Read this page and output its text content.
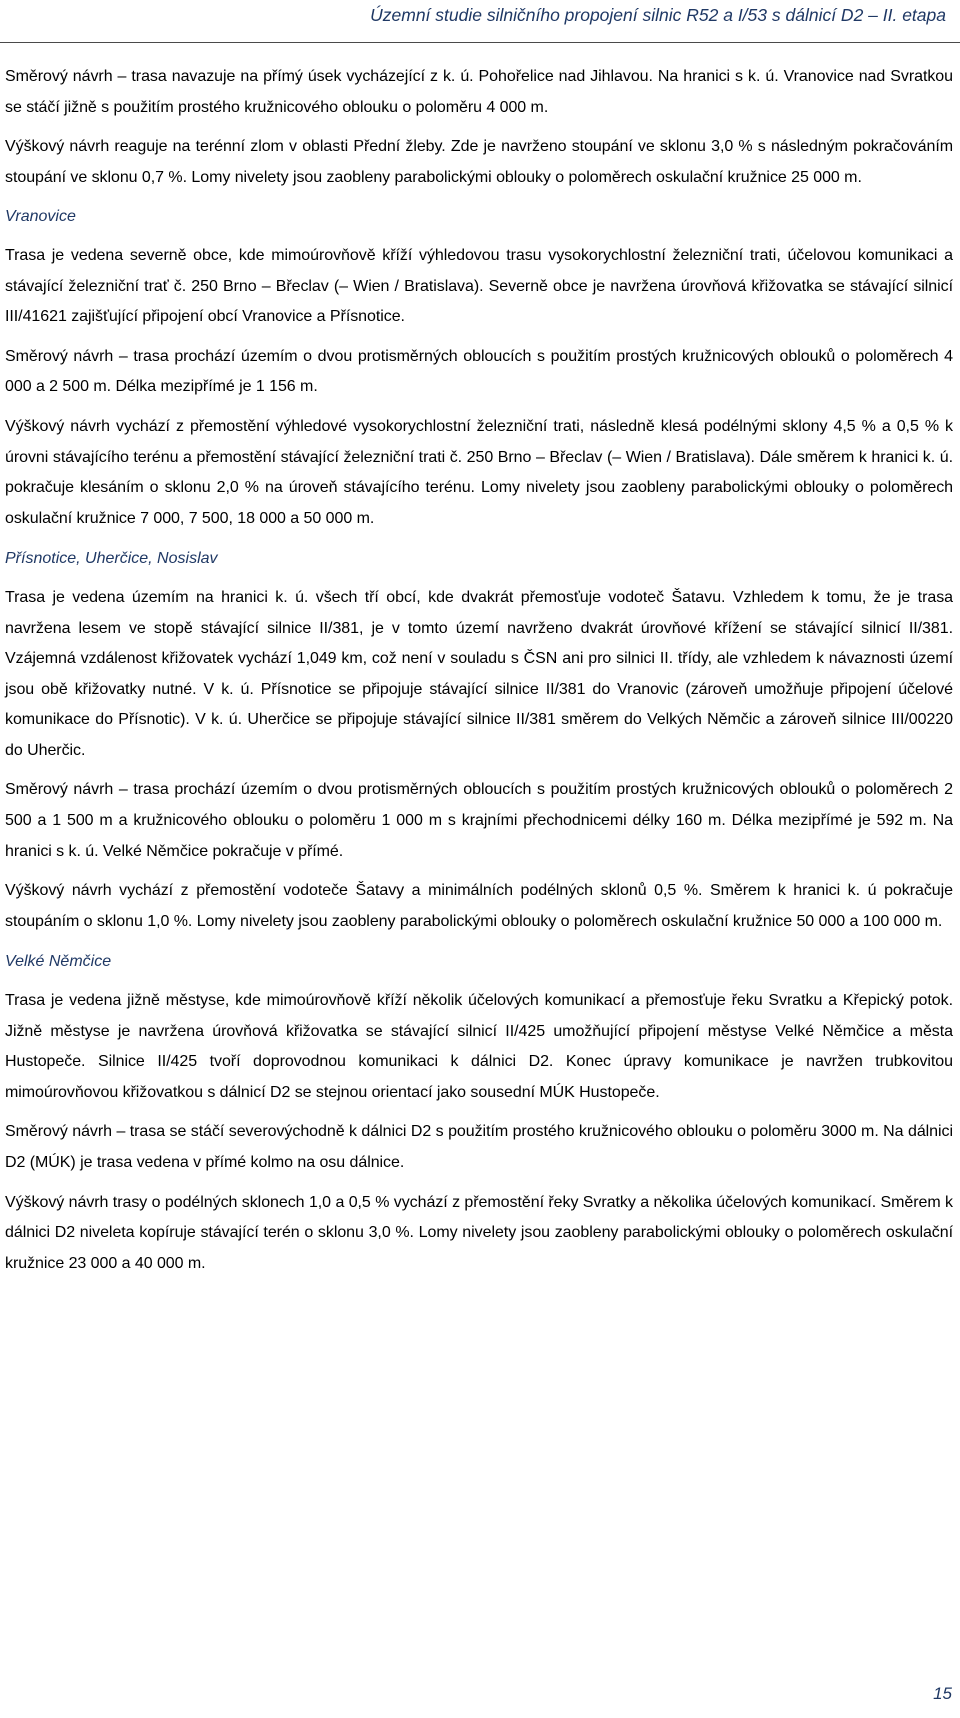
Územní studie silničního propojení silnic R52 a I/53 s dálnicí D2 – II. etapa

Směrový návrh – trasa navazuje na přímý úsek vycházející z k. ú. Pohořelice nad Jihlavou. Na hranici s k. ú. Vranovice nad Svratkou se stáčí jižně s použitím prostého kružnicového oblouku o poloměru 4 000 m.

Výškový návrh reaguje na terénní zlom v oblasti Přední žleby. Zde je navrženo stoupání ve sklonu 3,0 % s následným pokračováním stoupání ve sklonu 0,7 %. Lomy nivelety jsou zaobleny parabolickými oblouky o poloměrech oskulační kružnice 25 000 m.

Vranovice

Trasa je vedena severně obce, kde mimoúrovňově kříží výhledovou trasu vysokorychlostní železniční trati, účelovou komunikaci a stávající železniční trať č. 250 Brno – Břeclav (– Wien / Bratislava). Severně obce je navržena úrovňová křižovatka se stávající silnicí III/41621 zajišťující připojení obcí Vranovice a Přísnotice.

Směrový návrh – trasa prochází územím o dvou protisměrných obloucích s použitím prostých kružnicových oblouků o poloměrech 4 000 a 2 500 m. Délka mezipřímé je 1 156 m.

Výškový návrh vychází z přemostění výhledové vysokorychlostní železniční trati, následně klesá podélnými sklony 4,5 % a 0,5 % k úrovni stávajícího terénu a přemostění stávající železniční trati č. 250 Brno – Břeclav (– Wien / Bratislava). Dále směrem k hranici k. ú. pokračuje klesáním o sklonu 2,0 % na úroveň stávajícího terénu. Lomy nivelety jsou zaobleny parabolickými oblouky o poloměrech oskulační kružnice 7 000, 7 500, 18 000 a 50 000 m.

Přísnotice, Uherčice, Nosislav

Trasa je vedena územím na hranici k. ú. všech tří obcí, kde dvakrát přemosťuje vodoteč Šatavu. Vzhledem k tomu, že je trasa navržena lesem ve stopě stávající silnice II/381, je v tomto území navrženo dvakrát úrovňové křížení se stávající silnicí II/381. Vzájemná vzdálenost křižovatek vychází 1,049 km, což není v souladu s ČSN ani pro silnici II. třídy, ale vzhledem k návaznosti území jsou obě křižovatky nutné. V k. ú. Přísnotice se připojuje stávající silnice II/381 do Vranovic (zároveň umožňuje připojení účelové komunikace do Přísnotic). V k. ú. Uherčice se připojuje stávající silnice II/381 směrem do Velkých Němčic a zároveň silnice III/00220 do Uherčic.

Směrový návrh – trasa prochází územím o dvou protisměrných obloucích s použitím prostých kružnicových oblouků o poloměrech 2 500 a 1 500 m a kružnicového oblouku o poloměru 1 000 m s krajními přechodnicemi délky 160 m. Délka mezipřímé je 592 m. Na hranici s k. ú. Velké Němčice pokračuje v přímé.

Výškový návrh vychází z přemostění vodoteče Šatavy a minimálních podélných sklonů 0,5 %. Směrem k hranici k. ú pokračuje stoupáním o sklonu 1,0 %. Lomy nivelety jsou zaobleny parabolickými oblouky o poloměrech oskulační kružnice 50 000 a 100 000 m.

Velké Němčice

Trasa je vedena jižně městyse, kde mimoúrovňově kříží několik účelových komunikací a přemosťuje řeku Svratku a Křepický potok. Jižně městyse je navržena úrovňová křižovatka se stávající silnicí II/425 umožňující připojení městyse Velké Němčice a města Hustopeče. Silnice II/425 tvoří doprovodnou komunikaci k dálnici D2. Konec úpravy komunikace je navržen trubkovitou mimoúrovňovou křižovatkou s dálnicí D2 se stejnou orientací jako sousední MÚK Hustopeče.

Směrový návrh – trasa se stáčí severovýchodně k dálnici D2 s použitím prostého kružnicového oblouku o poloměru 3000 m. Na dálnici D2 (MÚK) je trasa vedena v přímé kolmo na osu dálnice.

Výškový návrh trasy o podélných sklonech 1,0 a 0,5 % vychází z přemostění řeky Svratky a několika účelových komunikací. Směrem k dálnici D2 niveleta kopíruje stávající terén o sklonu 3,0 %. Lomy nivelety jsou zaobleny parabolickými oblouky o poloměrech oskulační kružnice 23 000 a 40 000 m.

15
